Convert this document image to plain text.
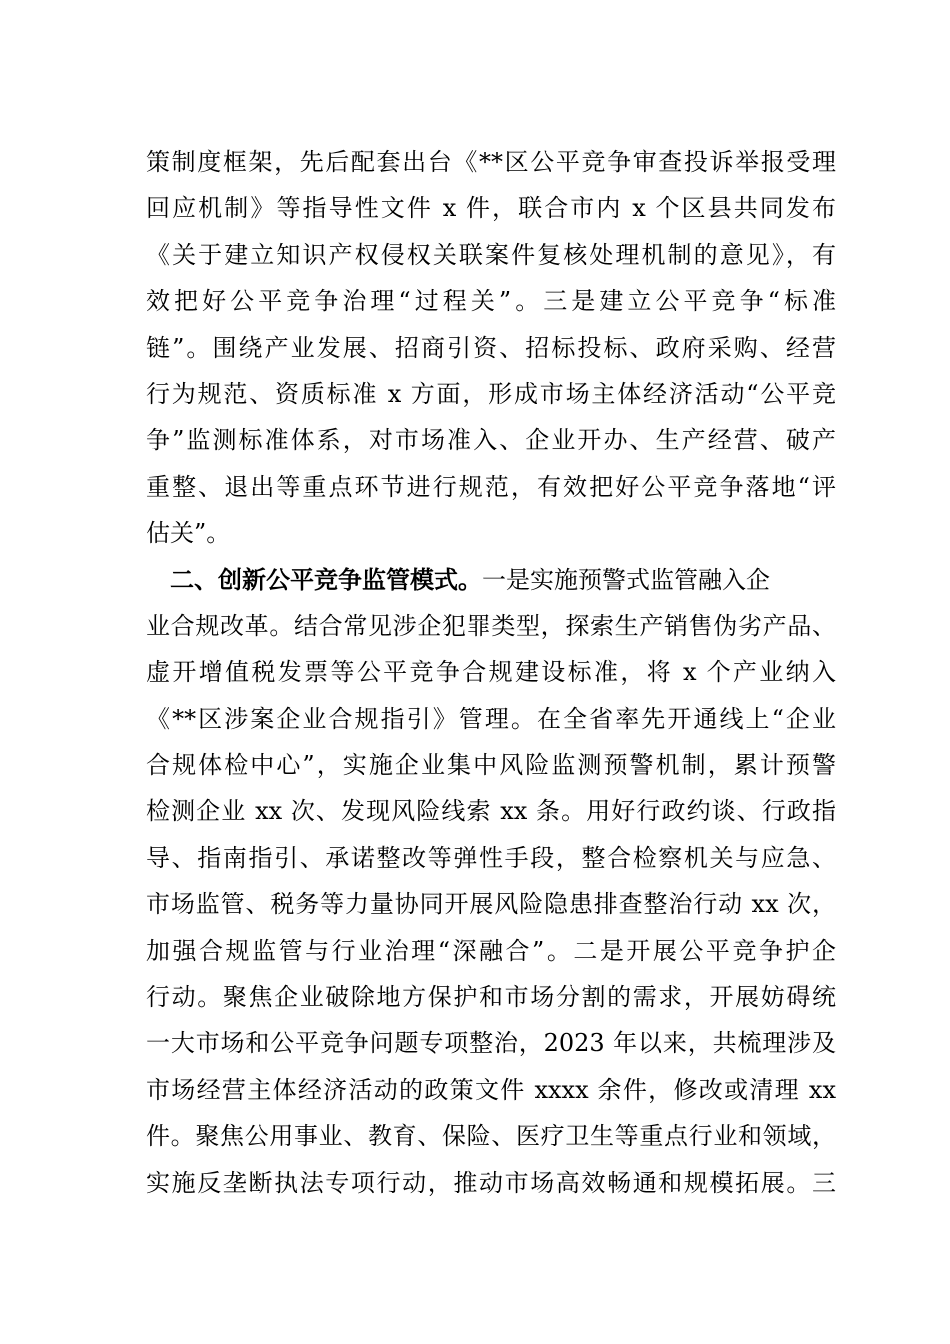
策制度框架，先后配套出台《**区公平竞争审查投诉举报受理
回应机制》等指导性文件 x 件，联合市内 x 个区县共同发布
《关于建立知识产权侵权关联案件复核处理机制的意见》，有
效把好公平竞争治理“过程关”。三是建立公平竞争“标准
链”。围绕产业发展、招商引资、招标投标、政府采购、经营
行为规范、资质标准 x 方面，形成市场主体经济活动“公平竞
争”监测标准体系，对市场准入、企业开办、生产经营、破产
重整、退出等重点环节进行规范，有效把好公平竞争落地“评
估关”。
二、创新公平竞争监管模式。一是实施预警式监管融入企
业合规改革。结合常见涉企犯罪类型，探索生产销售伪劣产品、
虚开增值税发票等公平竞争合规建设标准，将 x 个产业纳入
《**区涉案企业合规指引》管理。在全省率先开通线上“企业
合规体检中心”，实施企业集中风险监测预警机制，累计预警
检测企业 xx 次、发现风险线索 xx 条。用好行政约谈、行政指
导、指南指引、承诺整改等弹性手段，整合检察机关与应急、
市场监管、税务等力量协同开展风险隐患排查整治行动 xx 次，
加强合规监管与行业治理“深融合”。二是开展公平竞争护企
行动。聚焦企业破除地方保护和市场分割的需求，开展妨碍统
一大市场和公平竞争问题专项整治，2023 年以来，共梳理涉及
市场经营主体经济活动的政策文件 xxxx 余件，修改或清理 xx
件。聚焦公用事业、教育、保险、医疗卫生等重点行业和领域，
实施反垄断执法专项行动，推动市场高效畅通和规模拓展。三
